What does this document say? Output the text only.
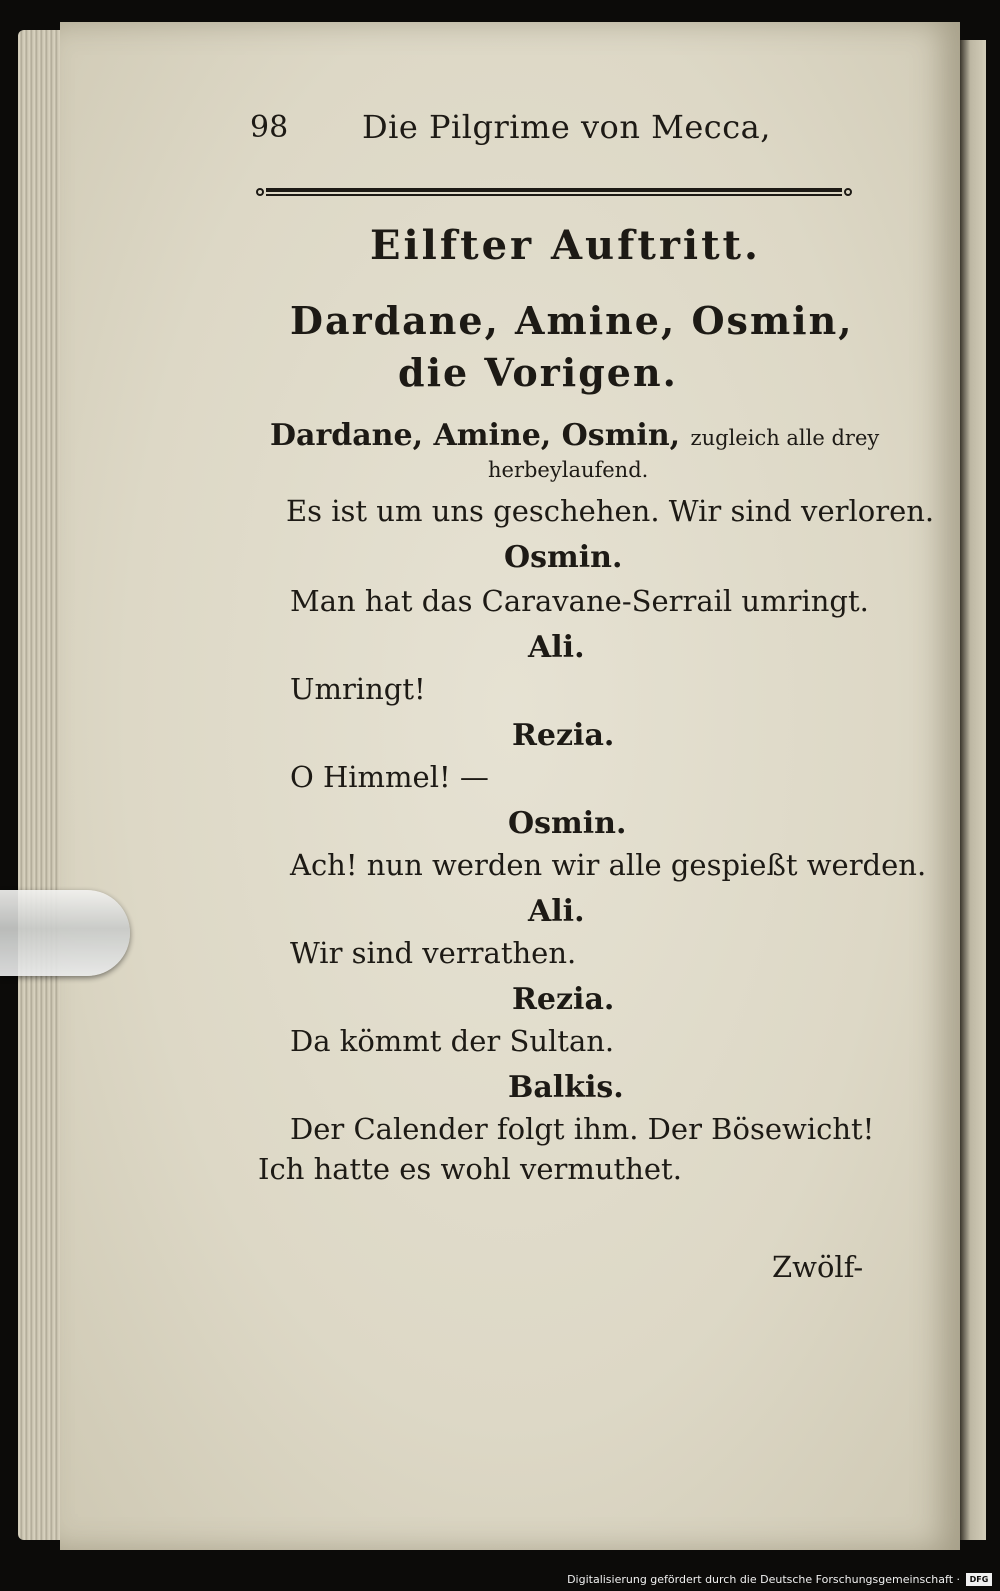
98 Die Pilgrime von Mecca,
Eilfter Auftritt.
Dardane, Amine, Osmin,
die Vorigen.
Dardane, Amine, Osmin, zugleich alle drey
herbeylaufend.
Es ist um uns geschehen. Wir sind verloren.
Osmin.
Man hat das Caravane-Serrail umringt.
Ali.
Umringt!
Rezia.
O Himmel! —
Osmin.
Ach! nun werden wir alle gespießt werden.
Ali.
Wir sind verrathen.
Rezia.
Da kömmt der Sultan.
Balkis.
Der Calender folgt ihm. Der Bösewicht!
Ich hatte es wohl vermuthet.
Zwölf-
Digitalisierung gefördert durch die Deutsche Forschungsgemeinschaft ·	DFG
